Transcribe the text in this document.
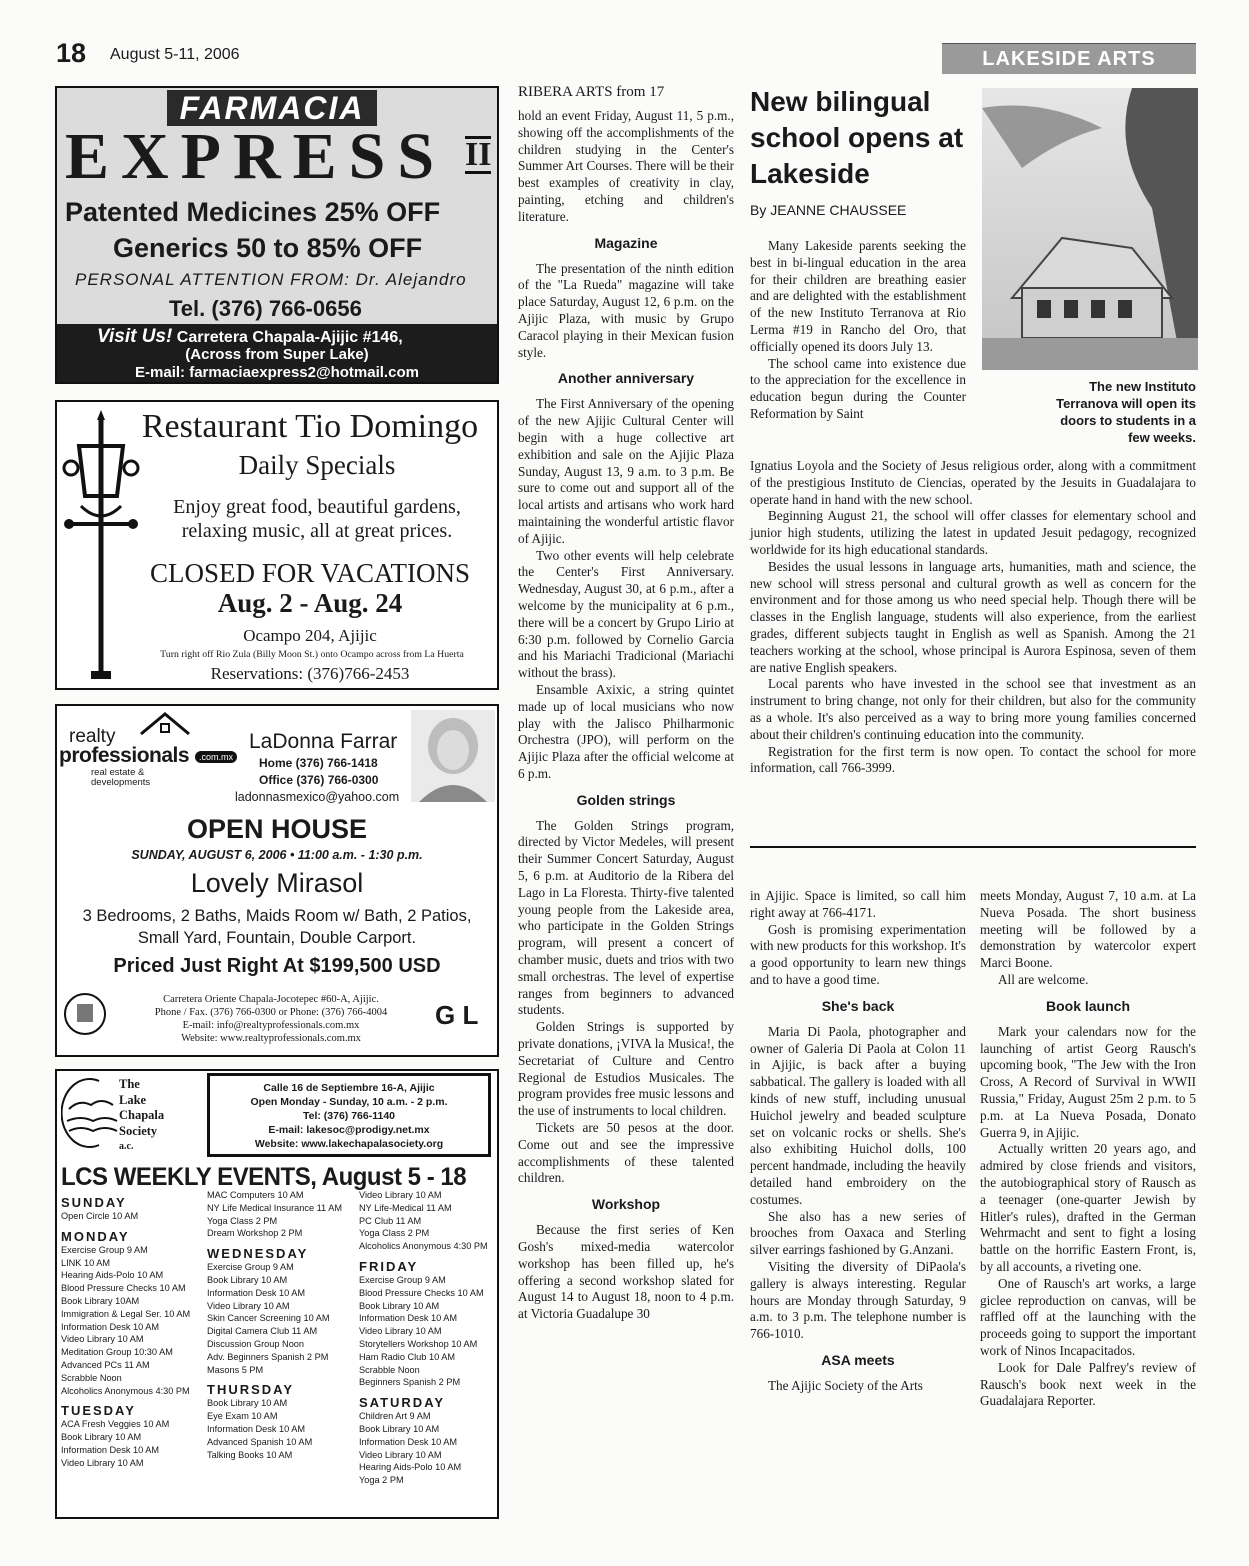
18 August 5-11, 2006	LAKESIDE ARTS
FARMACIA
EXPRESS II
Patented Medicines 25% OFF
Generics 50 to 85% OFF
PERSONAL ATTENTION FROM: Dr. Alejandro
Tel. (376) 766-0656
Visit Us! Carretera Chapala-Ajijic #146,
(Across from Super Lake)
E-mail: farmaciaexpress2@hotmail.com
Restaurant Tio Domingo
Daily Specials
Enjoy great food, beautiful gardens,
relaxing music, all at great prices.
CLOSED FOR VACATIONS
Aug. 2 - Aug. 24
Ocampo 204, Ajijic
Turn right off Rio Zula (Billy Moon St.) onto Ocampo across from La Huerta
Reservations: (376)766-2453
realty
professionals	.com.mx
real estate & developments
LaDonna Farrar
Home (376) 766-1418
Office (376) 766-0300
ladonnasmexico@yahoo.com
OPEN HOUSE
SUNDAY, AUGUST 6, 2006 • 11:00 a.m. - 1:30 p.m.
Lovely Mirasol
3 Bedrooms, 2 Baths, Maids Room w/ Bath, 2 Patios,
Small Yard, Fountain, Double Carport.
Priced Just Right At $199,500 USD
Carretera Oriente Chapala-Jocotepec #60-A, Ajijic.
Phone / Fax. (376) 766-0300 or Phone: (376) 766-4004
E-mail: info@realtyprofessionals.com.mx
Website: www.realtyprofessionals.com.mx
G L
The
Lake
Chapala
Society
a.c.
Calle 16 de Septiembre 16-A, Ajijic
Open Monday - Sunday, 10 a.m. - 2 p.m.
Tel: (376) 766-1140
E-mail: lakesoc@prodigy.net.mx
Website: www.lakechapalasociety.org
LCS WEEKLY EVENTS, August 5 - 18
SUNDAY
Open Circle 10 AM
MONDAY
Exercise Group 9 AM
LINK 10 AM
Hearing Aids-Polo 10 AM
Blood Pressure Checks 10 AM
Book Library 10AM
Immigration & Legal Ser. 10 AM
Information Desk 10 AM
Video Library 10 AM
Meditation Group 10:30 AM
Advanced PCs 11 AM
Scrabble Noon
Alcoholics Anonymous 4:30 PM
TUESDAY
ACA Fresh Veggies 10 AM
Book Library 10 AM
Information Desk 10 AM
Video Library 10 AM
MAC Computers 10 AM
NY Life Medical Insurance 11 AM
Yoga Class 2 PM
Dream Workshop 2 PM
WEDNESDAY
Exercise Group 9 AM
Book Library 10 AM
Information Desk 10 AM
Video Library 10 AM
Skin Cancer Screening 10 AM
Digital Camera Club 11 AM
Discussion Group Noon
Adv. Beginners Spanish 2 PM
Masons 5 PM
THURSDAY
Book Library 10 AM
Eye Exam 10 AM
Information Desk 10 AM
Advanced Spanish 10 AM
Talking Books 10 AM
Video Library 10 AM
NY Life-Medical 11 AM
PC Club 11 AM
Yoga Class 2 PM
Alcoholics Anonymous 4:30 PM
FRIDAY
Exercise Group 9 AM
Blood Pressure Checks 10 AM
Book Library 10 AM
Information Desk 10 AM
Video Library 10 AM
Storytellers Workshop 10 AM
Ham Radio Club 10 AM
Scrabble Noon
Beginners Spanish 2 PM
SATURDAY
Children Art 9 AM
Book Library 10 AM
Information Desk 10 AM
Video Library 10 AM
Hearing Aids-Polo 10 AM
Yoga 2 PM
RIBERA ARTS from 17

hold an event Friday, August 11, 5 p.m., showing off the accomplishments of the children studying in the Center's Summer Art Courses. There will be their best examples of creativity in clay, painting, etching and children's literature.

Magazine

The presentation of the ninth edition of the "La Rueda" magazine will take place Saturday, August 12, 6 p.m. on the Ajijic Plaza, with music by Grupo Caracol playing in their Mexican fusion style.

Another anniversary

The First Anniversary of the opening of the new Ajijic Cultural Center will begin with a huge collective art exhibition and sale on the Ajijic Plaza Sunday, August 13, 9 a.m. to 3 p.m. Be sure to come out and support all of the local artists and artisans who work hard maintaining the wonderful artistic flavor of Ajijic.

Two other events will help celebrate the Center's First Anniversary. Wednesday, August 30, at 6 p.m., after a welcome by the municipality at 6 p.m., there will be a concert by Grupo Lirio at 6:30 p.m. followed by Cornelio Garcia and his Mariachi Tradicional (Mariachi without the brass).

Ensamble Axixic, a string quintet made up of local musicians who now play with the Jalisco Philharmonic Orchestra (JPO), will perform on the Ajijic Plaza after the official welcome at 6 p.m.

Golden strings

The Golden Strings program, directed by Victor Medeles, will present their Summer Concert Saturday, August 5, 6 p.m. at Auditorio de la Ribera del Lago in La Floresta. Thirty-five talented young people from the Lakeside area, who participate in the Golden Strings program, will present a concert of chamber music, duets and trios with two small orchestras. The level of expertise ranges from beginners to advanced students.

Golden Strings is supported by private donations, ¡VIVA la Musica!, the Secretariat of Culture and Centro Regional de Estudios Musicales. The program provides free music lessons and the use of instruments to local children.

Tickets are 50 pesos at the door. Come out and see the impressive accomplishments of these talented children.

Workshop

Because the first series of Ken Gosh's mixed-media watercolor workshop has been filled up, he's offering a second workshop slated for August 14 to August 18, noon to 4 p.m. at Victoria Guadalupe 30

New bilingual school opens at Lakeside
By JEANNE CHAUSSEE
The new Instituto Terranova will open its doors to students in a few weeks.

Many Lakeside parents seeking the best in bi-lingual education in the area for their children are breathing easier and are delighted with the establishment of the new Instituto Terranova at Rio Lerma #19 in Rancho del Oro, that officially opened its doors July 13.

The school came into existence due to the appreciation for the excellence in education begun during the Counter Reformation by Saint

Ignatius Loyola and the Society of Jesus religious order, along with a commitment of the prestigious Instituto de Ciencias, operated by the Jesuits in Guadalajara to operate hand in hand with the new school.

Beginning August 21, the school will offer classes for elementary school and junior high students, utilizing the latest in updated Jesuit pedagogy, recognized worldwide for its high educational standards.

Besides the usual lessons in language arts, humanities, math and science, the new school will stress personal and cultural growth as well as concern for the environment and for those among us who need special help. Though there will be classes in the English language, students will also experience, from the earliest grades, different subjects taught in English as well as Spanish. Among the 21 teachers working at the school, whose principal is Aurora Espinosa, seven of them are native English speakers.

Local parents who have invested in the school see that investment as an instrument to bring change, not only for their children, but also for the community as a whole. It's also perceived as a way to bring more young families concerned about their children's continuing education into the community.

Registration for the first term is now open. To contact the school for more information, call 766-3999.

in Ajijic. Space is limited, so call him right away at 766-4171.

Gosh is promising experimentation with new products for this workshop. It's a good opportunity to learn new things and to have a good time.

She's back

Maria Di Paola, photographer and owner of Galeria Di Paola at Colon 11 in Ajijic, is back after a buying sabbatical. The gallery is loaded with all kinds of new stuff, including unusual Huichol jewelry and beaded sculpture set on volcanic rocks or shells. She's also exhibiting Huichol dolls, 100 percent handmade, including the heavily detailed hand embroidery on the costumes.

She also has a new series of brooches from Oaxaca and Sterling silver earrings fashioned by G.Anzani.

Visiting the diversity of DiPaola's gallery is always interesting. Regular hours are Monday through Saturday, 9 a.m. to 3 p.m. The telephone number is 766-1010.

ASA meets

The Ajijic Society of the Arts

meets Monday, August 7, 10 a.m. at La Nueva Posada. The short business meeting will be followed by a demonstration by watercolor expert Marci Boone.

All are welcome.

Book launch

Mark your calendars now for the launching of artist Georg Rausch's upcoming book, "The Jew with the Iron Cross, A Record of Survival in WWII Russia," Friday, August 25m 2 p.m. to 5 p.m. at La Nueva Posada, Donato Guerra 9, in Ajijic.

Actually written 20 years ago, and admired by close friends and visitors, the autobiographical story of Rausch as a teenager (one-quarter Jewish by Hitler's rules), drafted in the German Wehrmacht and sent to fight a losing battle on the horrific Eastern Front, is, by all accounts, a riveting one.

One of Rausch's art works, a large giclee reproduction on canvas, will be raffled off at the launching with the proceeds going to support the important work of Ninos Incapacitados.

Look for Dale Palfrey's review of Rausch's book next week in the Guadalajara Reporter.
